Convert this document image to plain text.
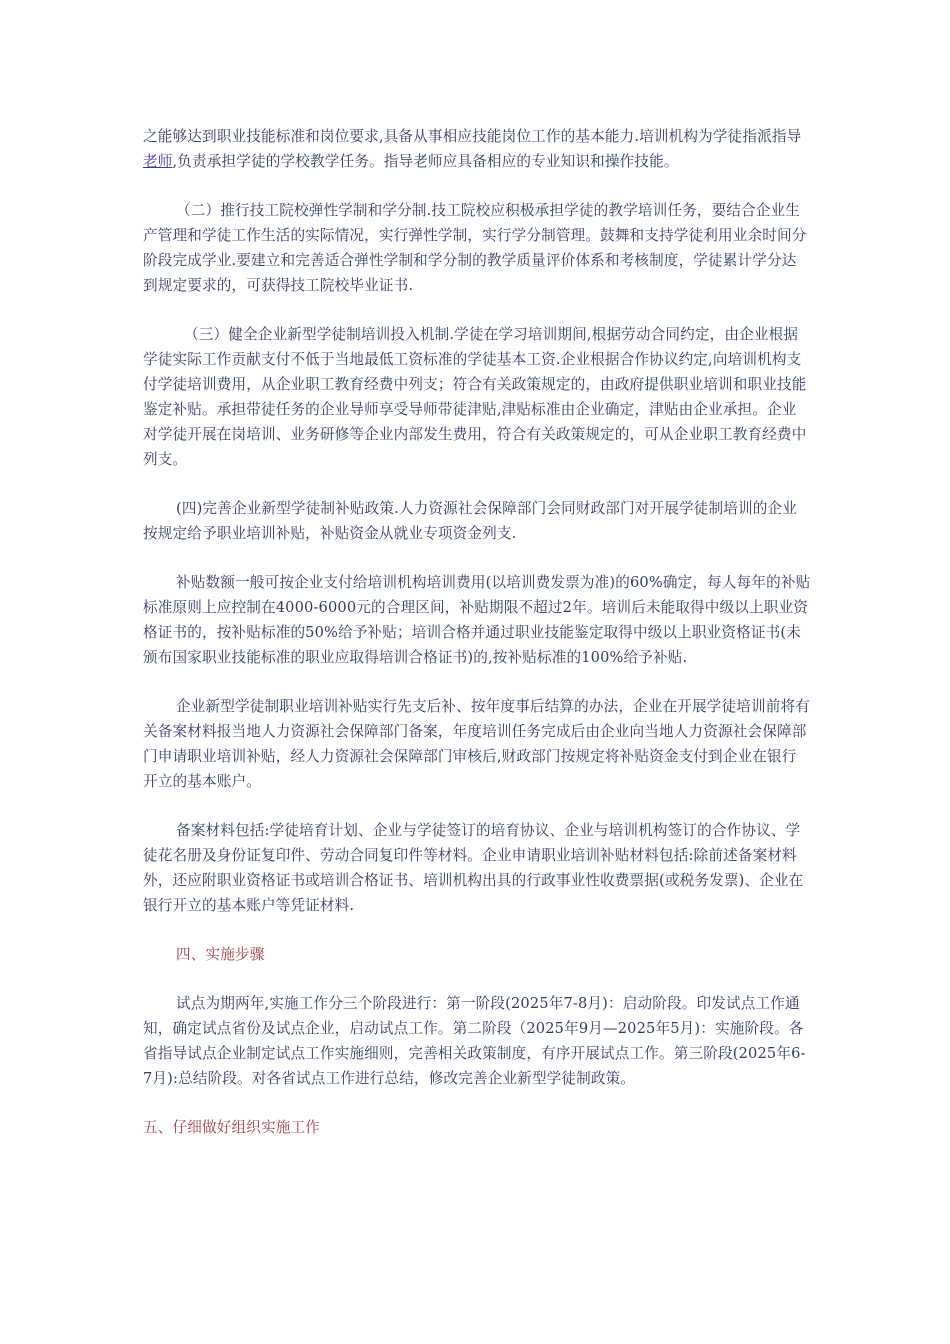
之能够达到职业技能标准和岗位要求,具备从事相应技能岗位工作的基本能力.培训机构为学徒指派指导老师,负责承担学徒的学校教学任务。指导老师应具备相应的专业知识和操作技能。

（二）推行技工院校弹性学制和学分制.技工院校应积极承担学徒的教学培训任务，要结合企业生产管理和学徒工作生活的实际情况，实行弹性学制，实行学分制管理。鼓舞和支持学徒利用业余时间分阶段完成学业.要建立和完善适合弹性学制和学分制的教学质量评价体系和考核制度，学徒累计学分达到规定要求的，可获得技工院校毕业证书.

（三）健全企业新型学徒制培训投入机制.学徒在学习培训期间,根据劳动合同约定，由企业根据学徒实际工作贡献支付不低于当地最低工资标准的学徒基本工资.企业根据合作协议约定,向培训机构支付学徒培训费用，从企业职工教育经费中列支；符合有关政策规定的，由政府提供职业培训和职业技能鉴定补贴。承担带徒任务的企业导师享受导师带徒津贴,津贴标准由企业确定，津贴由企业承担。企业对学徒开展在岗培训、业务研修等企业内部发生费用，符合有关政策规定的，可从企业职工教育经费中列支。

(四)完善企业新型学徒制补贴政策.人力资源社会保障部门会同财政部门对开展学徒制培训的企业按规定给予职业培训补贴，补贴资金从就业专项资金列支.

补贴数额一般可按企业支付给培训机构培训费用(以培训费发票为准)的60%确定，每人每年的补贴标准原则上应控制在4000-6000元的合理区间，补贴期限不超过2年。培训后未能取得中级以上职业资格证书的，按补贴标准的50%给予补贴；培训合格并通过职业技能鉴定取得中级以上职业资格证书(未颁布国家职业技能标准的职业应取得培训合格证书)的,按补贴标准的100%给予补贴.

企业新型学徒制职业培训补贴实行先支后补、按年度事后结算的办法，企业在开展学徒培训前将有关备案材料报当地人力资源社会保障部门备案，年度培训任务完成后由企业向当地人力资源社会保障部门申请职业培训补贴，经人力资源社会保障部门审核后,财政部门按规定将补贴资金支付到企业在银行开立的基本账户。

备案材料包括:学徒培育计划、企业与学徒签订的培育协议、企业与培训机构签订的合作协议、学徒花名册及身份证复印件、劳动合同复印件等材料。企业申请职业培训补贴材料包括:除前述备案材料外，还应附职业资格证书或培训合格证书、培训机构出具的行政事业性收费票据(或税务发票)、企业在银行开立的基本账户等凭证材料.

四、实施步骤

试点为期两年,实施工作分三个阶段进行：第一阶段(2025年7-8月)：启动阶段。印发试点工作通知，确定试点省份及试点企业，启动试点工作。第二阶段（2025年9月—2025年5月)：实施阶段。各省指导试点企业制定试点工作实施细则，完善相关政策制度，有序开展试点工作。第三阶段(2025年6-7月):总结阶段。对各省试点工作进行总结，修改完善企业新型学徒制政策。

五、仔细做好组织实施工作
